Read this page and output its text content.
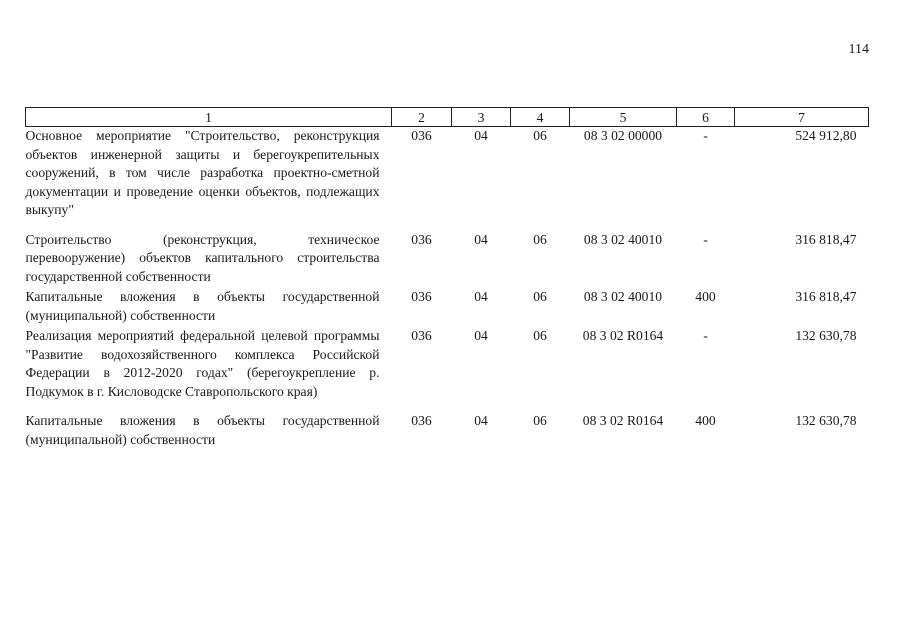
114
1	2	3	4	5	6	7
Основное мероприятие "Строительство, реконструкция объектов инженерной защиты и берегоукрепительных сооружений, в том числе разработка проектно-сметной документации и проведение оценки объектов, подлежащих выкупу"	036	04	06	08 3 02 00000	-	524 912,80
Строительство (реконструкция, техническое перевооружение) объектов капитального строительства государственной собственности	036	04	06	08 3 02 40010	-	316 818,47
Капитальные вложения в объекты государственной (муниципальной) собственности	036	04	06	08 3 02 40010	400	316 818,47
Реализация мероприятий федеральной целевой программы "Развитие водохозяйственного комплекса Российской Федерации в 2012-2020 годах" (берегоукрепление р. Подкумок в г. Кисловодске Ставропольского края)	036	04	06	08 3 02 R0164	-	132 630,78
Капитальные вложения в объекты государственной (муниципальной) собственности	036	04	06	08 3 02 R0164	400	132 630,78
